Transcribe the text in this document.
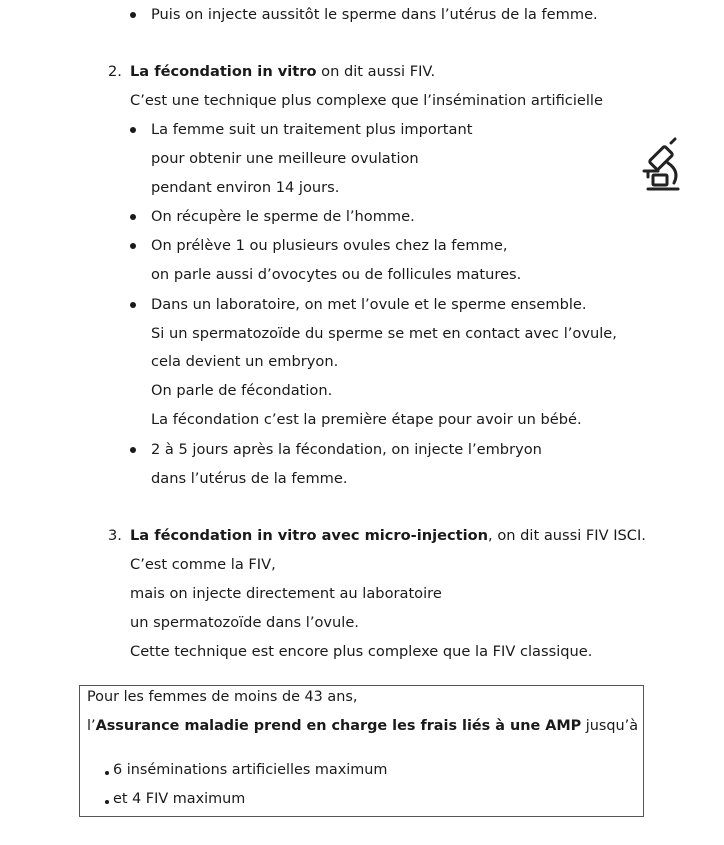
Puis on injecte aussitôt le sperme dans l’utérus de la femme.
2. La fécondation in vitro on dit aussi FIV.
C’est une technique plus complexe que l’insémination artificielle
La femme suit un traitement plus important
pour obtenir une meilleure ovulation
pendant environ 14 jours.
On récupère le sperme de l’homme.
On prélève 1 ou plusieurs ovules chez la femme,
on parle aussi d’ovocytes ou de follicules matures.
Dans un laboratoire, on met l’ovule et le sperme ensemble.
Si un spermatozoïde du sperme se met en contact avec l’ovule,
cela devient un embryon.
On parle de fécondation.
La fécondation c’est la première étape pour avoir un bébé.
2 à 5 jours après la fécondation, on injecte l’embryon
dans l’utérus de la femme.
3. La fécondation in vitro avec micro-injection, on dit aussi FIV ISCI.
C’est comme la FIV,
mais on injecte directement au laboratoire
un spermatozoïde dans l’ovule.
Cette technique est encore plus complexe que la FIV classique.
Pour les femmes de moins de 43 ans,
l’Assurance maladie prend en charge les frais liés à une AMP jusqu’à
6 inséminations artificielles maximum
et 4 FIV maximum
